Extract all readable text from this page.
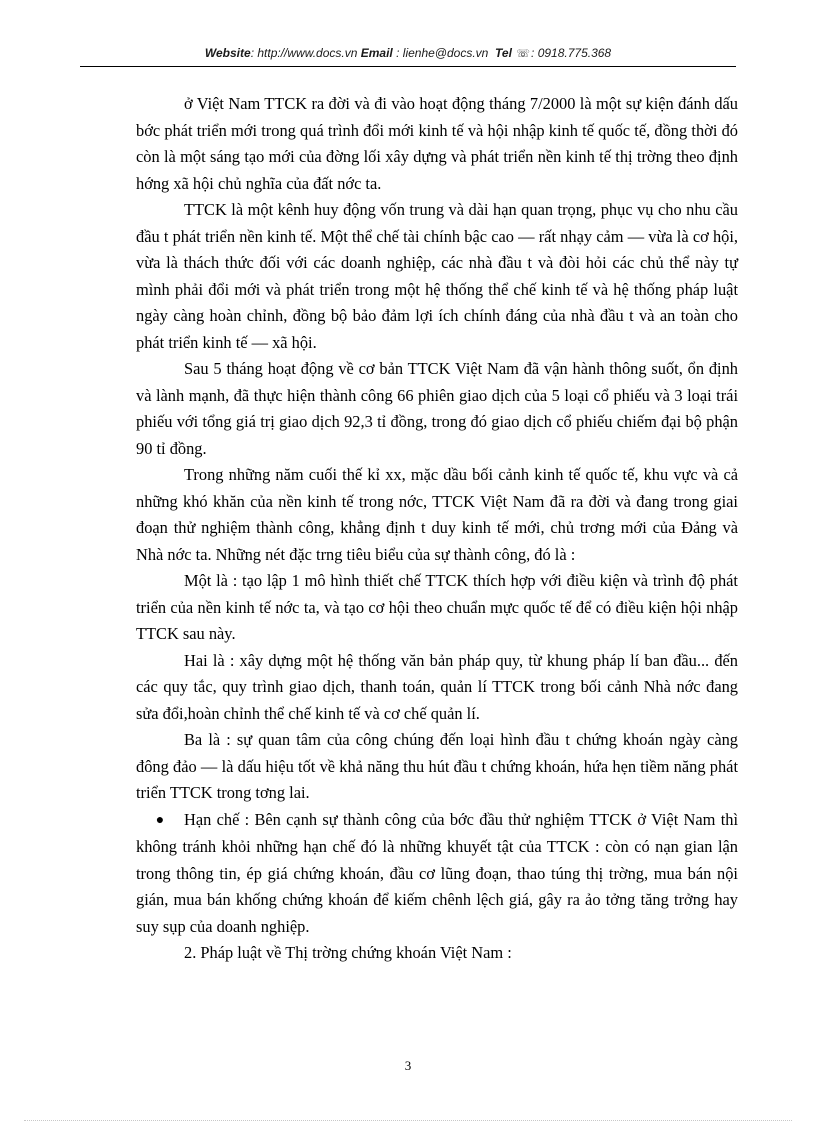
Website: http://www.docs.vn Email : lienhe@docs.vn Tel ☏: 0918.775.368

ở Việt Nam TTCK ra đời và đi vào hoạt động tháng 7/2000 là một sự kiện đánh dấu bớc phát triển mới trong quá trình đổi mới kinh tế và hội nhập kinh tế quốc tế, đồng thời đó còn là một sáng tạo mới của đờng lối xây dựng và phát triển nền kinh tế thị trờng theo định hớng xã hội chủ nghĩa của đất nớc ta.

TTCK là một kênh huy động vốn trung và dài hạn quan trọng, phục vụ cho nhu cầu đầu t phát triển nền kinh tế. Một thể chế tài chính bậc cao — rất nhạy cảm — vừa là cơ hội, vừa là thách thức đối với các doanh nghiệp, các nhà đầu t và đòi hỏi các chủ thể này tự mình phải đổi mới và phát triển trong một hệ thống thể chế kinh tế và hệ thống pháp luật ngày càng hoàn chỉnh, đồng bộ bảo đảm lợi ích chính đáng của nhà đầu t và an toàn cho phát triển kinh tế — xã hội.

Sau 5 tháng hoạt động về cơ bản TTCK Việt Nam đã vận hành thông suốt, ổn định và lành mạnh, đã thực hiện thành công 66 phiên giao dịch của 5 loại cổ phiếu và 3 loại trái phiếu với tổng giá trị giao dịch 92,3 tỉ đồng, trong đó giao dịch cổ phiếu chiếm đại bộ phận 90 tỉ đồng.

Trong những năm cuối thế kỉ xx, mặc dầu bối cảnh kinh tế quốc tế, khu vực và cả những khó khăn của nền kinh tế trong nớc, TTCK Việt Nam đã ra đời và đang trong giai đoạn thử nghiệm thành công, khẳng định t duy kinh tế mới, chủ trơng mới của Đảng và Nhà nớc ta. Những nét đặc trng tiêu biểu của sự thành công, đó là :

Một là : tạo lập 1 mô hình thiết chế TTCK thích hợp với điều kiện và trình độ phát triển của nền kinh tế nớc ta, và tạo cơ hội theo chuẩn mực quốc tế để có điều kiện hội nhập TTCK sau này.

Hai là : xây dựng một hệ thống văn bản pháp quy, từ khung pháp lí ban đầu... đến các quy tắc, quy trình giao dịch, thanh toán, quản lí TTCK trong bối cảnh Nhà nớc đang sửa đổi,hoàn chỉnh thể chế kinh tế và cơ chế quản lí.

Ba là : sự quan tâm của công chúng đến loại hình đầu t chứng khoán ngày càng đông đảo — là dấu hiệu tốt về khả năng thu hút đầu t chứng khoán, hứa hẹn tiềm năng phát triển TTCK trong tơng lai.

● Hạn chế : Bên cạnh sự thành công của bớc đầu thử nghiệm TTCK ở Việt Nam thì không tránh khỏi những hạn chế đó là những khuyết tật của TTCK : còn có nạn gian lận trong thông tin, ép giá chứng khoán, đầu cơ lũng đoạn, thao túng thị trờng, mua bán nội gián, mua bán khống chứng khoán để kiếm chênh lệch giá, gây ra ảo tởng tăng trởng hay suy sụp của doanh nghiệp.

2. Pháp luật về Thị trờng chứng khoán Việt Nam :

3
